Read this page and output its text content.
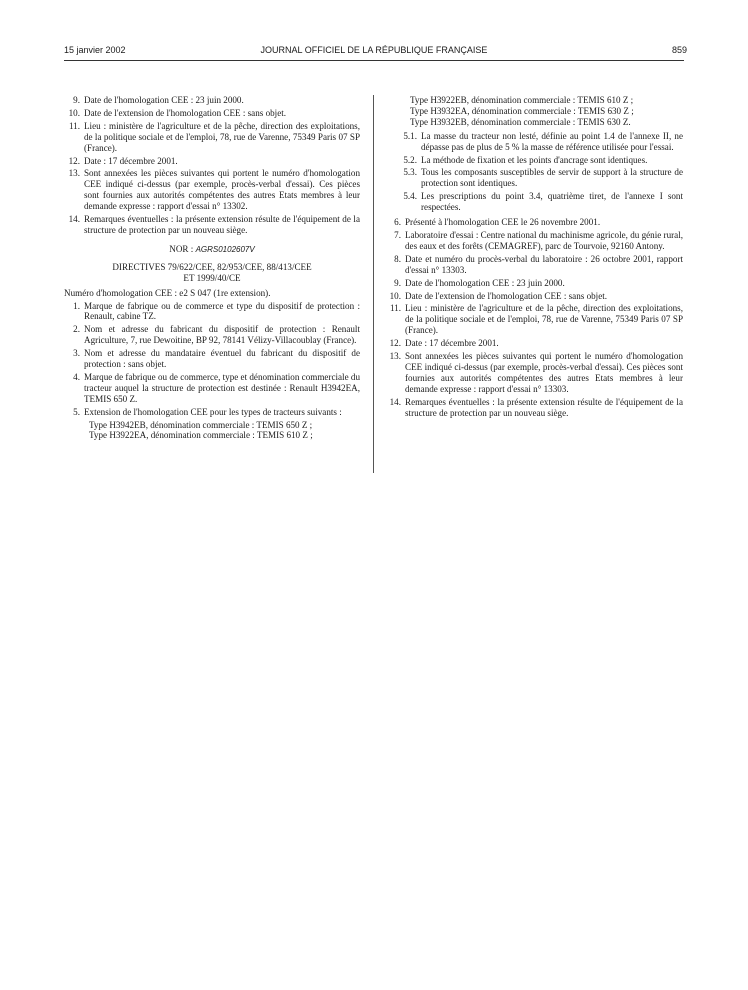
15 janvier 2002	JOURNAL OFFICIEL DE LA RÉPUBLIQUE FRANÇAISE	859
9. Date de l'homologation CEE : 23 juin 2000.
10. Date de l'extension de l'homologation CEE : sans objet.
11. Lieu : ministère de l'agriculture et de la pêche, direction des exploitations, de la politique sociale et de l'emploi, 78, rue de Varenne, 75349 Paris 07 SP (France).
12. Date : 17 décembre 2001.
13. Sont annexées les pièces suivantes qui portent le numéro d'homologation CEE indiqué ci-dessus (par exemple, procès-verbal d'essai). Ces pièces sont fournies aux autorités compétentes des autres Etats membres à leur demande expresse : rapport d'essai n° 13302.
14. Remarques éventuelles : la présente extension résulte de l'équipement de la structure de protection par un nouveau siège.

NOR : AGRS0102607V

DIRECTIVES 79/622/CEE, 82/953/CEE, 88/413/CEE

ET 1999/40/CE

Numéro d'homologation CEE : e2 S 047 (1re extension).

1. Marque de fabrique ou de commerce et type du dispositif de protection : Renault, cabine TZ.
2. Nom et adresse du fabricant du dispositif de protection : Renault Agriculture, 7, rue Dewoitine, BP 92, 78141 Vélizy-Villacoublay (France).
3. Nom et adresse du mandataire éventuel du fabricant du dispositif de protection : sans objet.
4. Marque de fabrique ou de commerce, type et dénomination commerciale du tracteur auquel la structure de protection est destinée : Renault H3942EA, TEMIS 650 Z.
5. Extension de l'homologation CEE pour les types de tracteurs suivants :

Type H3942EB, dénomination commerciale : TEMIS 650 Z ;

Type H3922EA, dénomination commerciale : TEMIS 610 Z ;

Type H3922EB, dénomination commerciale : TEMIS 610 Z ;

Type H3932EA, dénomination commerciale : TEMIS 630 Z ;

Type H3932EB, dénomination commerciale : TEMIS 630 Z.

5.1. La masse du tracteur non lesté, définie au point 1.4 de l'annexe II, ne dépasse pas de plus de 5 % la masse de référence utilisée pour l'essai.
5.2. La méthode de fixation et les points d'ancrage sont identiques.
5.3. Tous les composants susceptibles de servir de support à la structure de protection sont identiques.
5.4. Les prescriptions du point 3.4, quatrième tiret, de l'annexe I sont respectées.
6. Présenté à l'homologation CEE le 26 novembre 2001.
7. Laboratoire d'essai : Centre national du machinisme agricole, du génie rural, des eaux et des forêts (CEMAGREF), parc de Tourvoie, 92160 Antony.
8. Date et numéro du procès-verbal du laboratoire : 26 octobre 2001, rapport d'essai n° 13303.
9. Date de l'homologation CEE : 23 juin 2000.
10. Date de l'extension de l'homologation CEE : sans objet.
11. Lieu : ministère de l'agriculture et de la pêche, direction des exploitations, de la politique sociale et de l'emploi, 78, rue de Varenne, 75349 Paris 07 SP (France).
12. Date : 17 décembre 2001.
13. Sont annexées les pièces suivantes qui portent le numéro d'homologation CEE indiqué ci-dessus (par exemple, procès-verbal d'essai). Ces pièces sont fournies aux autorités compétentes des autres Etats membres à leur demande expresse : rapport d'essai n° 13303.
14. Remarques éventuelles : la présente extension résulte de l'équipement de la structure de protection par un nouveau siège.
